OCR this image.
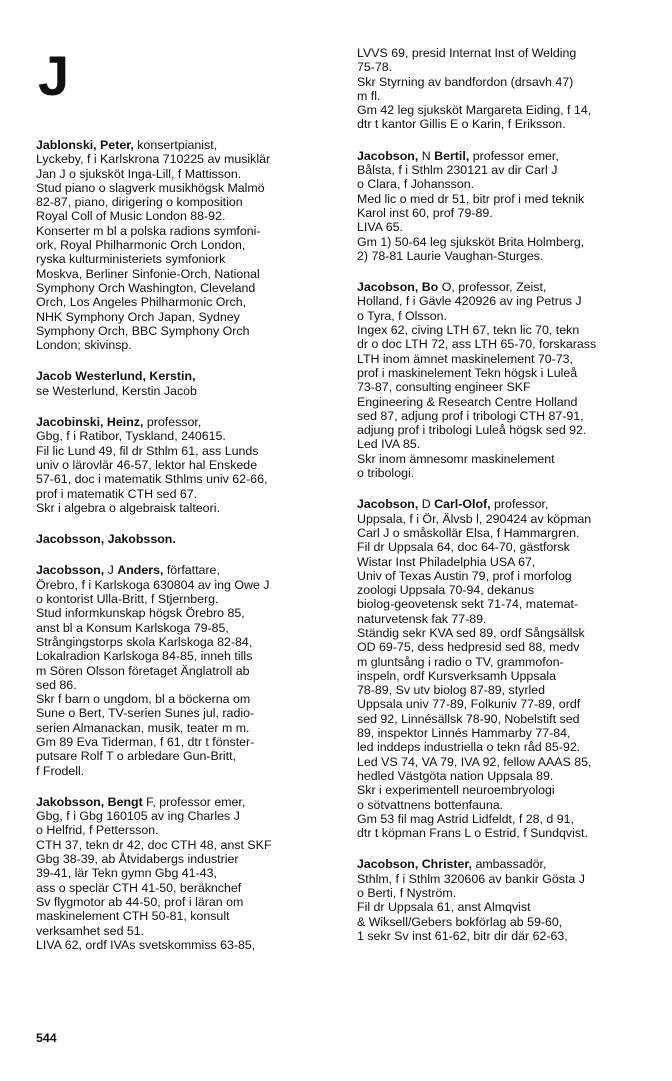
J
Jablonski, Peter, konsertpianist,
Lyckeby, f i Karlskrona 710225 av musiklär
Jan J o sjuksköt Inga-Lill, f Mattisson.
Stud piano o slagverk musikhögsk Malmö
82-87, piano, dirigering o komposition
Royal Coll of Music London 88-92.
Konserter m bl a polska radions symfoni-
ork, Royal Philharmonic Orch London,
ryska kulturministeriets symfoniork
Moskva, Berliner Sinfonie-Orch, National
Symphony Orch Washington, Cleveland
Orch, Los Angeles Philharmonic Orch,
NHK Symphony Orch Japan, Sydney
Symphony Orch, BBC Symphony Orch
London; skivinsp.
Jacob Westerlund, Kerstin,
se Westerlund, Kerstin Jacob
Jacobinski, Heinz, professor,
Gbg, f i Ratibor, Tyskland, 240615.
Fil lic Lund 49, fil dr Sthlm 61, ass Lunds
univ o lärovlär 46-57, lektor hal Enskede
57-61, doc i matematik Sthlms univ 62-66,
prof i matematik CTH sed 67.
Skr i algebra o algebraisk talteori.
Jacobsson, Jakobsson.
Jacobsson, J Anders, författare,
Örebro, f i Karlskoga 630804 av ing Owe J
o kontorist Ulla-Britt, f Stjernberg.
Stud informkunskap högsk Örebro 85,
anst bl a Konsum Karlskoga 79-85,
Strångingstorps skola Karlskoga 82-84,
Lokalradion Karlskoga 84-85, inneh tills
m Sören Olsson företaget Änglatroll ab
sed 86.
Skr f barn o ungdom, bl a böckerna om
Sune o Bert, TV-serien Sunes jul, radio-
serien Almanackan, musik, teater m m.
Gm 89 Eva Tiderman, f 61, dtr t fönster-
putsare Rolf T o arbledare Gun-Britt,
f Frodell.
Jakobsson, Bengt F, professor emer,
Gbg, f i Gbg 160105 av ing Charles J
o Helfrid, f Pettersson.
CTH 37, tekn dr 42, doc CTH 48, anst SKF
Gbg 38-39, ab Åtvidabergs industrier
39-41, lär Tekn gymn Gbg 41-43,
ass o speclär CTH 41-50, beräknchef
Sv flygmotor ab 44-50, prof i läran om
maskinelement CTH 50-81, konsult
verksamhet sed 51.
LIVA 62, ordf IVAs svetskommiss 63-85,
LVVS 69, presid Internat Inst of Welding
75-78.
Skr Styrning av bandfordon (drsavh 47)
m fl.
Gm 42 leg sjuksköt Margareta Eiding, f 14,
dtr t kantor Gillis E o Karin, f Eriksson.
Jacobson, N Bertil, professor emer,
Bålsta, f i Sthlm 230121 av dir Carl J
o Clara, f Johansson.
Med lic o med dr 51, bitr prof i med teknik
Karol inst 60, prof 79-89.
LIVA 65.
Gm 1) 50-64 leg sjuksköt Brita Holmberg,
2) 78-81 Laurie Vaughan-Sturges.
Jacobson, Bo O, professor, Zeist,
Holland, f i Gävle 420926 av ing Petrus J
o Tyra, f Olsson.
Ingex 62, civing LTH 67, tekn lic 70, tekn
dr o doc LTH 72, ass LTH 65-70, forskarass
LTH inom ämnet maskinelement 70-73,
prof i maskinelement Tekn högsk i Luleå
73-87, consulting engineer SKF
Engineering & Research Centre Holland
sed 87, adjung prof i tribologi CTH 87-91,
adjung prof i tribologi Luleå högsk sed 92.
Led IVA 85.
Skr inom ämnesomr maskinelement
o tribologi.
Jacobson, D Carl-Olof, professor,
Uppsala, f i Ör, Älvsb l, 290424 av köpman
Carl J o småskollär Elsa, f Hammargren.
Fil dr Uppsala 64, doc 64-70, gästforsk
Wistar Inst Philadelphia USA 67,
Univ of Texas Austin 79, prof i morfolog
zoologi Uppsala 70-94, dekanus
biolog-geovetensk sekt 71-74, matemat-
naturvetensk fak 77-89.
Ständig sekr KVA sed 89, ordf Sångsällsk
OD 69-75, dess hedpresid sed 88, medv
m gluntsång i radio o TV, grammofon-
inspeln, ordf Kursverksamh Uppsala
78-89, Sv utv biolog 87-89, styrled
Uppsala univ 77-89, Folkuniv 77-89, ordf
sed 92, Linnésällsk 78-90, Nobelstift sed
89, inspektor Linnés Hammarby 77-84,
led inddeps industriella o tekn råd 85-92.
Led VS 74, VA 79, IVA 92, fellow AAAS 85,
hedled Västgöta nation Uppsala 89.
Skr i experimentell neuroembryologi
o sötvattnens bottenfauna.
Gm 53 fil mag Astrid Lidfeldt, f 28, d 91,
dtr t köpman Frans L o Estrid, f Sundqvist.
Jacobson, Christer, ambassadör,
Sthlm, f i Sthlm 320606 av bankir Gösta J
o Berti, f Nyström.
Fil dr Uppsala 61, anst Almqvist
& Wiksell/Gebers bokförlag ab 59-60,
1 sekr Sv inst 61-62, bitr dir där 62-63,
544
